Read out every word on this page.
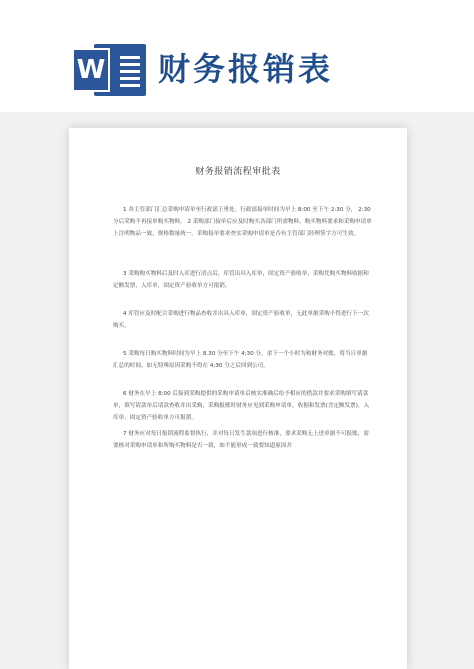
W 财务报销表
财务报销流程审批表

1 各主管部门汇总采购申请单至行政部王勇处。行政部接单时间为早上 8:00 至下午 2:30 分， 2:30 分后采购不再接单购买物料。 2 采购部门接单后应及时购买各部门所需物料，购买物料要求和采购申请单上注明物品一致，规格数量统一。采购接单要求查实采购申请单是否有主管部门经理签字方可生效。

3 采购购买物料后及时入库进行清点后，库管出具入库单，固定资产验收单，采购凭购买物料收据和定额发票，入库单，固定资产验收单方可报销。

4 库管应及时配合采购进行物品查收并出具入库单，固定资产验收单，无此单据采购不得进行下一次购买。

5 采购每日购买物料时间为早上 8.30 分至下午 4;30 分，余下一个小时为和财务对账，将当日单据汇总的时间，如无特殊原因采购不得在 4;30 分之后回到公司。

6 财务在早上 8;00 后接到采购提供的采购申请单后核实准确后给予相应的借款并要求采购填写请款单，填写请款单后请款查收并出采购，采购报账时财务应见到采购申请单，收据和发票(含定额发票)，入库单，固定资产验收单方可报销。

7 财务应对每日报销流程监督执行，并对每日发生款项进行核准，要求采购无上述单据不可报账，需要核对采购申请单和所购买物料是否一致，如不能形成一致要知道原因并
